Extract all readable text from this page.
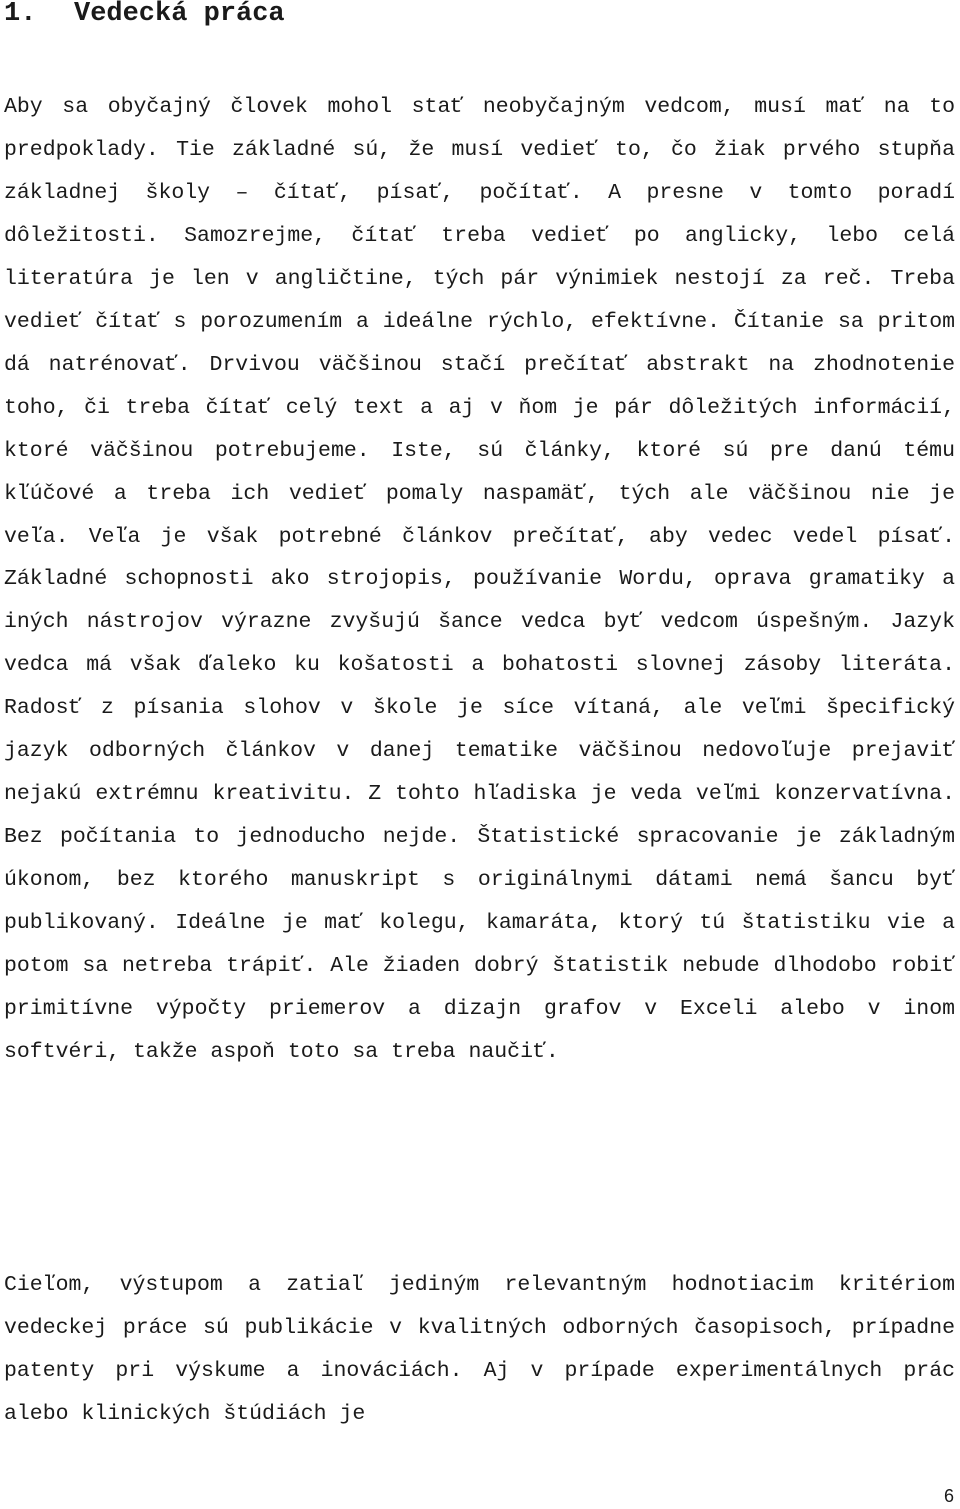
1. Vedecká práca

Aby sa obyčajný človek mohol stať neobyčajným vedcom, musí mať na to predpoklady. Tie základné sú, že musí vedieť to, čo žiak prvého stupňa základnej školy – čítať, písať, počítať. A presne v tomto poradí dôležitosti. Samozrejme, čítať treba vedieť po anglicky, lebo celá literatúra je len v angličtine, tých pár výnimiek nestojí za reč. Treba vedieť čítať s porozumením a ideálne rýchlo, efektívne. Čítanie sa pritom dá natrénovať. Drvivou väčšinou stačí prečítať abstrakt na zhodnotenie toho, či treba čítať celý text a aj v ňom je pár dôležitých informácií, ktoré väčšinou potrebujeme. Iste, sú články, ktoré sú pre danú tému kľúčové a treba ich vedieť pomaly naspamäť, tých ale väčšinou nie je veľa. Veľa je však potrebné článkov prečítať, aby vedec vedel písať. Základné schopnosti ako strojopis, používanie Wordu, oprava gramatiky a iných nástrojov výrazne zvyšujú šance vedca byť vedcom úspešným. Jazyk vedca má však ďaleko ku košatosti a bohatosti slovnej zásoby literáta. Radosť z písania slohov v škole je síce vítaná, ale veľmi špecifický jazyk odborných článkov v danej tematike väčšinou nedovoľuje prejaviť nejakú extrémnu kreativitu. Z tohto hľadiska je veda veľmi konzervatívna. Bez počítania to jednoducho nejde. Štatistické spracovanie je základným úkonom, bez ktorého manuskript s originálnymi dátami nemá šancu byť publikovaný. Ideálne je mať kolegu, kamaráta, ktorý tú štatistiku vie a potom sa netreba trápiť. Ale žiaden dobrý štatistik nebude dlhodobo robiť primitívne výpočty priemerov a dizajn grafov v Exceli alebo v inom softvéri, takže aspoň toto sa treba naučiť.

Cieľom, výstupom a zatiaľ jediným relevantným hodnotiacim kritériom vedeckej práce sú publikácie v kvalitných odborných časopisoch, prípadne patenty pri výskume a inováciách. Aj v prípade experimentálnych prác alebo klinických štúdiách je

6
